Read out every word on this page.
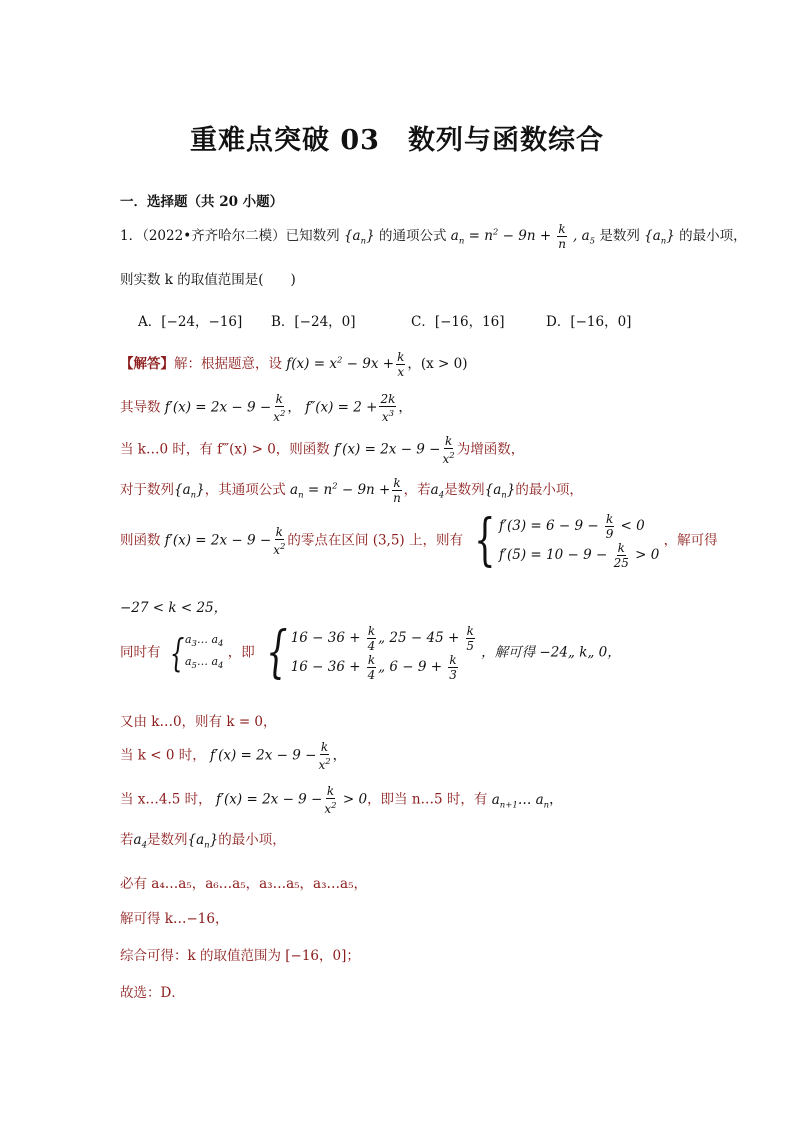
重难点突破 03　数列与函数综合
一．选择题（共 20 小题）
1．（2022•齐齐哈尔二模）已知数列 $\{a_n\}$ 的通项公式 $a_n = n^2 - 9n + \frac{k}{n}$ , $a_5$ 是数列 $\{a_n\}$ 的最小项，
则实数 k 的取值范围是(　　)
A．[−24，−16] B．[−24，0]	C．[−16，16]	D．[−16，0]
【解答】解：根据题意，设 $f(x) = x^2 - 9x + \frac{k}{x}$ ，(x > 0)
其导数 $f'(x) = 2x - 9 - \frac{k}{x^2}$ ， $f''(x) = 2 + \frac{2k}{x^3}$ ，
当 k…0 时，有 f‴(x) > 0，则函数 $f'(x) = 2x - 9 - \frac{k}{x^2}$ 为增函数，
对于数列$\{a_n\}$，其通项公式 $a_n = n^2 - 9n + \frac{k}{n}$ ，若$a_4$是数列$\{a_n\}$的最小项，
则函数 $f'(x) = 2x - 9 - \frac{k}{x^2}$ 的零点在区间 (3,5) 上，则有 { $f'(3) = 6 - 9 - \frac{k}{9} < 0$
$f'(5) = 10 - 9 - \frac{k}{25} > 0$
，解可得
−27 < k < 25，
同时有 { $a_3\dots$ $a_4$
$a_5\dots$ $a_4$
，即 { $16 - 36 + \frac{k}{4}$ „ $25 - 45 + \frac{k}{5}$
$16 - 36 + \frac{k}{4}$ „ $6 - 9 + \frac{k}{3}$
，解可得 −24„ k„ 0，
又由 k…0，则有 k = 0，
当 k < 0 时， $f'(x) = 2x - 9 - \frac{k}{x^2}$ ，
当 x…4.5 时， $f'(x) = 2x - 9 - \frac{k}{x^2} > 0$，即当 n…5 时，有 $a_{n+1}\dots$ $a_n$，
若$a_4$是数列$\{a_n\}$的最小项，
必有 a₄…a₅，a₆…a₅，a₃…a₅，a₃…a₅，
解可得 k…−16，
综合可得：k 的取值范围为 [−16，0]；
故选：D．
